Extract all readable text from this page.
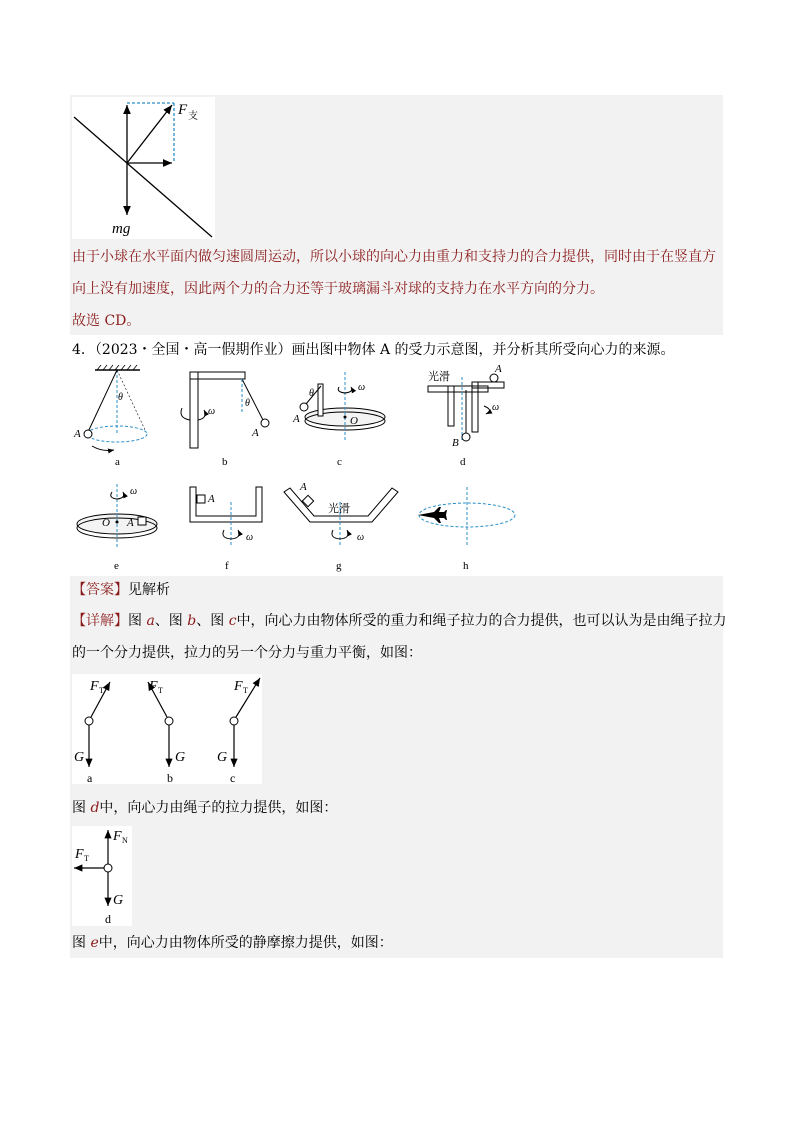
F 支
mg
由于小球在水平面内做匀速圆周运动，所以小球的向心力由重力和支持力的合力提供，同时由于在竖直方
向上没有加速度，因此两个力的合力还等于玻璃漏斗对球的支持力在水平方向的分力。
故选 CD。
4．（2023・全国・高一假期作业）画出图中物体 A 的受力示意图，并分析其所受向心力的来源。
θ
A
a
ω
θ
A
b
ω
θ
A	O
c
光滑
A
ω
B
d
ω
O A
e
A
ω
f
A
光滑
ω
g	h
【答案】见解析
【详解】图 a、图 b、图 c中，向心力由物体所受的重力和绳子拉力的合力提供，也可以认为是由绳子拉力
的一个分力提供，拉力的另一个分力与重力平衡，如图：
F T
G
a
F T
G
b
F T
G
c
图 d中，向心力由绳子的拉力提供，如图：
F N
F T
G
d
图 e中，向心力由物体所受的静摩擦力提供，如图：
